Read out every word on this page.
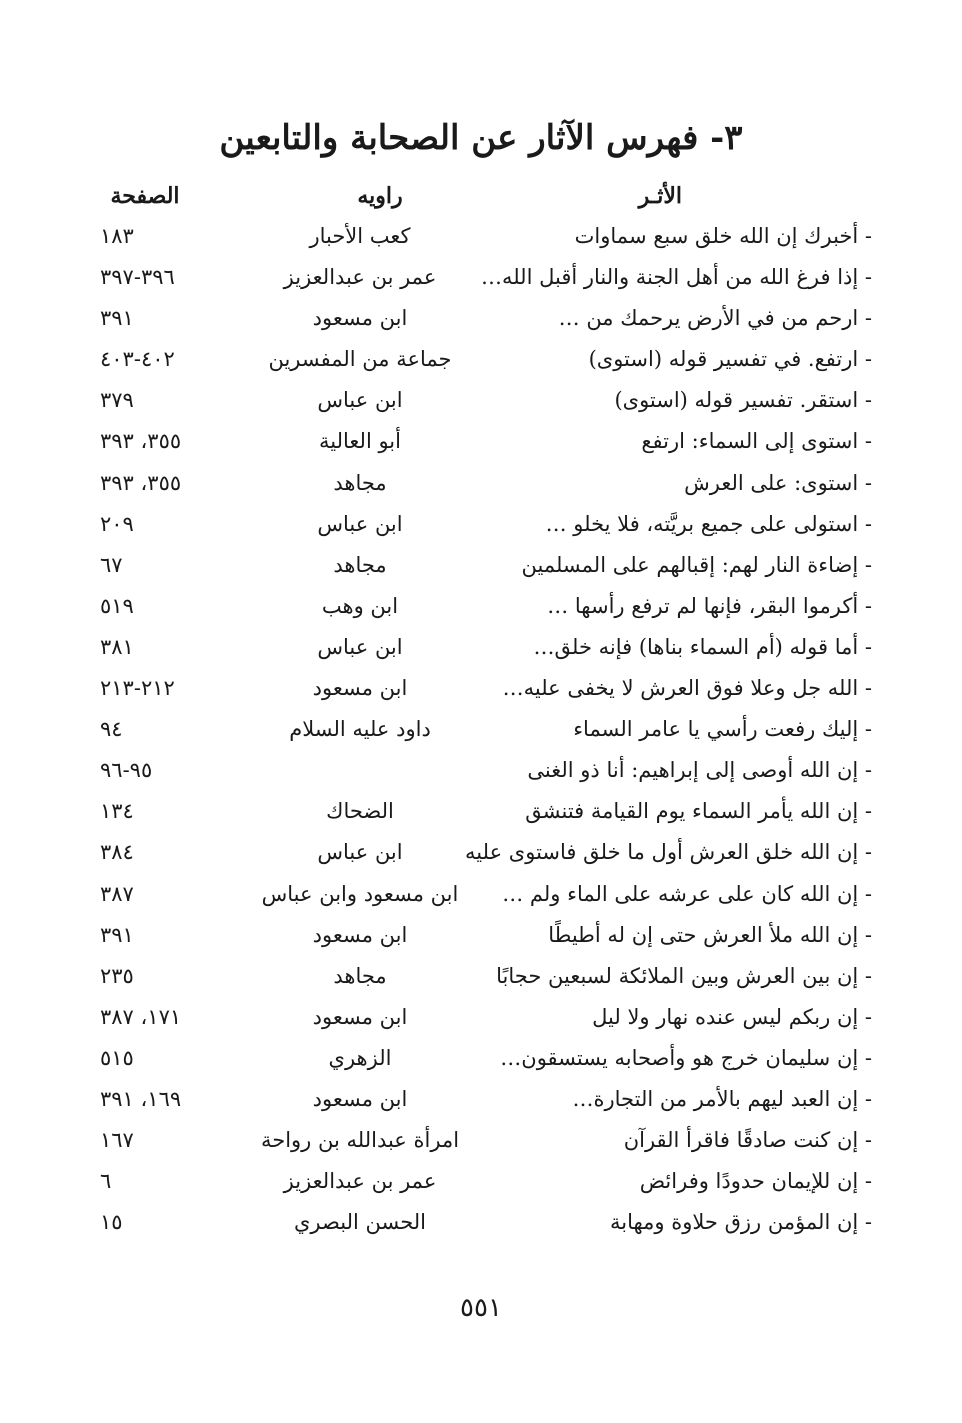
٣- فهرس الآثار عن الصحابة والتابعين
الأثـر
راويه
الصفحة
- أخبرك إن الله خلق سبع سماوات
كعب الأحبار
١٨٣
- إذا فرغ الله من أهل الجنة والنار أقبل الله…
عمر بن عبدالعزيز
٣٩٦-٣٩٧
- ارحم من في الأرض يرحمك من …
ابن مسعود
٣٩١
- ارتفع. في تفسير قوله (استوى)
جماعة من المفسرين
٤٠٢-٤٠٣
- استقر. تفسير قوله (استوى)
ابن عباس
٣٧٩
- استوى إلى السماء: ارتفع
أبو العالية
٣٥٥، ٣٩٣
- استوى: على العرش
مجاهد
٣٥٥، ٣٩٣
- استولى على جميع بريَّته، فلا يخلو …
ابن عباس
٢٠٩
- إضاءة النار لهم: إقبالهم على المسلمين
مجاهد
٦٧
- أكرموا البقر، فإنها لم ترفع رأسها …
ابن وهب
٥١٩
- أما قوله (أم السماء بناها) فإنه خلق…
ابن عباس
٣٨١
- الله جل وعلا فوق العرش لا يخفى عليه…
ابن مسعود
٢١٢-٢١٣
- إليك رفعت رأسي يا عامر السماء
داود عليه السلام
٩٤
- إن الله أوصى إلى إبراهيم: أنا ذو الغنى
٩٥-٩٦
- إن الله يأمر السماء يوم القيامة فتنشق
الضحاك
١٣٤
- إن الله خلق العرش أول ما خلق فاستوى عليه
ابن عباس
٣٨٤
- إن الله كان على عرشه على الماء ولم …
ابن مسعود وابن عباس
٣٨٧
- إن الله ملأ العرش حتى إن له أطيطًا
ابن مسعود
٣٩١
- إن بين العرش وبين الملائكة لسبعين حجابًا
مجاهد
٢٣٥
- إن ربكم ليس عنده نهار ولا ليل
ابن مسعود
١٧١، ٣٨٧
- إن سليمان خرج هو وأصحابه يستسقون…
الزهري
٥١٥
- إن العبد ليهم بالأمر من التجارة…
ابن مسعود
١٦٩، ٣٩١
- إن كنت صادقًا فاقرأ القرآن
امرأة عبدالله بن رواحة
١٦٧
- إن للإيمان حدودًا وفرائض
عمر بن عبدالعزيز
٦
- إن المؤمن رزق حلاوة ومهابة
الحسن البصري
١٥
٥٥١
